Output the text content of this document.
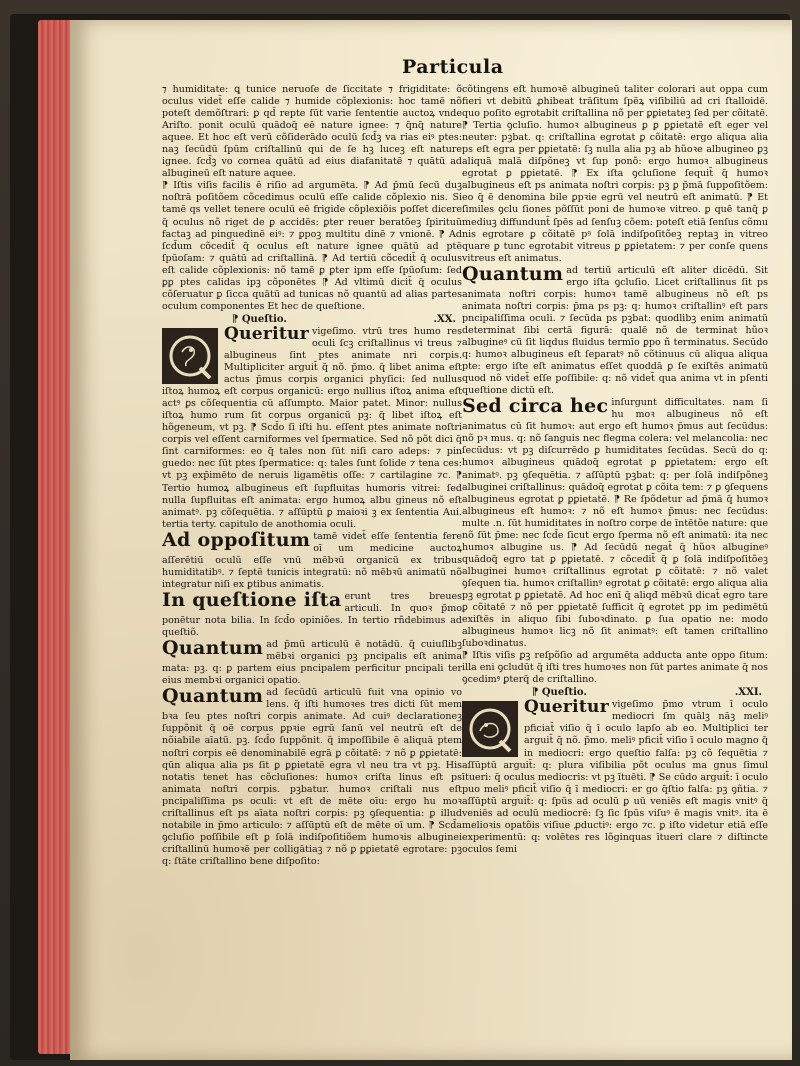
Particula

⁊ humiditate: ꝗ tunice neruoſe de ſiccitate ⁊ frigiditate: õ oculus videt̄ eſſe calide ⁊ humide cõplexionis: hoc tamē nõ poteſt demõſtrari: ꝑ qd̄ repte ſūt varie ſententie auctoꝝ vnde Ariſto. ponit oculū quādoq̄ eē nature ignee: ⁊ q̄nq̄ nature aquee. Et hoc eſt verū cõſiderādo oculū ſcd̄ꝫ va rias eiꝰ ptes: naꝫ ſecūdū ſpūm criſtallinū qui de ſe hꝫ luceꝫ eſt nature ignee. ſcd̄ꝫ vo cornea quātū ad eius diafanitatē ⁊ quātū ad albugineū eſt nature aquee.

⁋ Iſtis viſis facilis ē riſio ad argumēta. ⁋ Ad p̄mū ſecū duꝫ noſtrā poſitõem cõcedimus oculū eſſe calide cõplexio nis. Si tamē qs vellet tenere oculū eē frigide cõplexiõis poſſet dicere q̄ oculus nõ riget de ꝑ accidēs: ꝑter reuer beratõeꝫ ſpirituū factaꝫ ad pinguedinē eiꝰ: ⁊ ꝑpoꝫ multitu dinē ⁊ vnionē. ⁋ Ad ſcd̄um cõcedit̄ q̄ oculus eſt nature ignee quātū ad ptē ſpūoſam: ⁊ quātū ad criſtallinā. ⁋ Ad tertiū cõcedit̄ q̄ oculus eſt calide cõplexionis: nõ tamē ꝑ ꝑter ipm eſſe ſpūoſum: ſed ꝑꝑ ptes calidas ipꝫ cõponētes ⁋ Ad vltimū dicit̄ q̄ oculus cõſeruatur ꝑ ſicca quātū ad tunicas nõ quantū ad alias partes oculum componentes Et hec de queſtione.

⁋ Queſtio.	.XX.

Queritur vigeſimo. vtrū tres humo res oculi ſcꝫ criſtallinus vi treus ⁊ albugineus ſint ptes animate nri corpis. Multipliciter arguit̄ q̄ nõ. p̄mo. q̄ libet anima eſt actus p̄mus corpis organici phyſici: ſed nullus iſtoꝝ humoꝝ eſt corpus organicū: ergo nullius iſtoꝝ anima eſt actꝰ ꝑs cõſequentia cū aſſumpto. Maior patet. Minor: nullus iſtoꝝ humo rum ſit corpus organicū pꝫ: q̄ libet iſtoꝝ eſt hõgeneum, vt pꝫ. ⁋ Scd̄o ſi iſti hu. eſſent ptes animate noſtri corpis vel eſſent carniformes vel ſpermatice. Sed nõ põt dici q̄ ſint carniformes: eo q̄ tales non ſūt niſi caro adeps: ⁊ pin guedo: nec ſūt ptes ſpermatice: q: tales ſunt ſolide ⁊ tena ces: vt pꝫ exp̄imēto de neruis ligamētis oſſe: ⁊ cartilagine ⁊c. ⁋ Tertio humoꝝ albugineus eſt ſupfluitas humoris vitrei: ſed nulla ſupfluitas eſt animata: ergo humoꝝ albu gineus nõ eſt animatꝰ. pꝫ cõſequētia. ⁊ aſſūptū ꝑ maioꝛi ꝫ ex ſententia Aui. tertia terty. capitulo de anothomia oculi.

Ad oppoſitum tamē videt̄ eſſe ſententia fere oī um medicine auctoꝝ aſſerētiū oculū eſſe vnū mēbꝛū organicū ex tribus humiditatibꝰ. ⁊ ſeptē tunicis integratū: nõ mēbꝛū animatū nõ integratur niſi ex ꝑtibus animatis.

In queſtione iſta erunt tres breues articuli. In quoꝛ p̄mo ponētur nota bilia. In ſcd̄o opiniões. In tertio rñdebimus ad queſtiõ.

Quantum ad p̄mū articulū ē notādū. q̄ cuiuſlibꝫ mēbꝛi organici pꝫ pncipalis eſt anima mata: pꝫ. q: ꝑ partem eius pncipalem perficitur pncipali ter eius membꝛi organici opatio.

Quantum ad ſecūdū articulū fuit vna opinio vo lens. q̄ iſti humoꝛes tres dicti ſūt mem bꝛa ſeu ptes noſtri corpis animate. Ad cuiꝰ declarationeꝫ ſuppõnit q̄ oē corpus ꝑpꝛie egrū ſanū vel neutrū eſt de nõiabile aīatū. pꝫ. ſcd̄o ſuppõnit. q̄ impoſſibile ē aliquā ptem noſtri corpis eē denominabilē egrā ꝑ cõitatē: ⁊ nõ ꝑ ꝑꝑietatē: qūn aliqua alia ps ſit ꝑ ꝑꝑietatē egra vl neu tra vt pꝫ. His notatis tenet has cõcluſiones: humoꝛ criſta linus eſt ps animata noſtri corpis. pꝫbatur. humoꝛ criſtali nus eſt pncipaliſſima ps oculi: vt eſt de mēte oīu: ergo hu moꝛ criſtallinus eſt ps aīata noſtri corpis: pꝫ ꝯſequentia: ꝑ illud notabile in p̄mo articulo: ⁊ aſſūptū eſt de mēte oī um. ⁋ Scd̄a ꝯcluſio poſſibile eſt ꝑ ſolā indiſpoſitiõem humoꝛis albuginei criſtallinū humoꝛē per colligātiaꝫ ⁊ nõ ꝑ ꝑꝑietatē egrotare: pꝫ q: ſtāte criſtallino bene diſpoſito:

cõtingens eſt humoꝛē albugineū taliter colorari aut oppa cum fieri vt debitū ꝓhibeat trāſitum ſpēꝝ viſibiliū ad cri ſtalloidē. quo poſito egrotabit criſtallina nõ per ꝑꝑietateꝫ ſed per cõitatē. ⁋ Tertia ꝯcluſio. humoꝛ albugineus ꝑ ꝑ ꝑꝑietatē eſt eger vel neuter: pꝫbat. q: criſtallina egrotat ꝑ cõitatē: ergo aliqua alia ps eſt egra per ꝑꝑietatē: ſꝫ nulla alia pꝫ ab hũoꝛe albugineo ꝑꝫ aliquā malā diſpõneꝫ vt ſup ponõ: ergo humoꝛ albugineus egrotat ꝑ ꝑꝑietatē. ⁋ Ex iſta ꝯcluſione ſequit̄ q̄ humoꝛ albugineus eſt ps animata noſtri corpis: pꝫ ꝑ p̄mā ſuppoſitõem: eo q̄ ē denomina bile ꝑpꝛie egrū vel neutrū eſt animatū. ⁋ Et ſimiles ꝯclu ſiones põſſūt poni de humoꝛe vitreo. ꝑ quē tanq̄ ꝑ mediuꝫ diffundunt̄ ſpēs ad ſenſuꝫ cõem: poteſt etiā ſenſus cõmu nis egrotare ꝑ cõitatē pꝰ ſolā indiſpoſitõeꝫ reptaꝫ in vitreo quare ꝑ tunc egrotabit vitreus ꝑ ꝑꝑietatem: ⁊ per conſe quens vitreus eſt animatus.

Quantum ad tertiū articulū eſt aliter dicēdū. Sit ergo iſta ꝯcluſio. Licet criſtallinus ſit ps animata noſtri corpis: humoꝛ tamē albugineus nõ eſt ps animata noſtri corpis: p̄ma ps pꝫ: q: humoꝛ criſtallinꝰ eſt pars pncipaliſſima oculi. ⁊ ſecūda ps pꝫbat: quodlibꝫ enim animatū determinat ſibi certā figurā: qualē nõ de terminat hũoꝛ albugineꝰ cū ſit liqdus fluidus termīo ꝑpo ñ terminatus. Secūdo q: humoꝛ albugineus eſt ſeparatꝰ nõ cõtinuus cū aliqua aliqua pte: ergo iſte eſt animatus eſſet quoddā ꝑ ſe exiſtēs animatū quod nõ videt̄ eſſe poſſibile: q: nõ videt̄ qua anima vt in pſenti queſtione dictū eſt.

Sed circa hec inſurgunt difficultates. nam ſi hu moꝛ albugineus nõ eſt animatus cū ſit humoꝛ: aut ergo eſt humoꝛ p̄mus aut ſecūdus: nõ pꝛ mus. q: nõ ſanguis nec flegma colera: vel melancolia: nec ſecūdus: vt pꝫ diſcurrēdo ꝑ humiditates ſecūdas. Secū do q: humoꝛ albugineus quādoq̄ egrotat ꝑ ꝑꝑietatem: ergo eſt animatꝰ. pꝫ ꝯſequētia. ⁊ aſſūptū pꝫbat: q: per ſolā indiſpõneꝫ albuginei criſtallinus: quādoq̄ egrotat ꝑ cõita tem: ⁊ ꝑ ꝯſequens albugineus egrotat ꝑ ꝑꝑietatē. ⁋ Re ſpõdetur ad p̄mā q̄ humoꝛ albugineus eſt humoꝛ: ⁊ nõ eſt humoꝛ p̄mus: nec ſecūdus: multe .n. ſūt humiditates in noſtro corpe de īntētõe nature: que nõ ſūt p̄me: nec ſcd̄e ſicut ergo ſperma nõ eſt animatū: ita nec humoꝛ albugine us. ⁋ Ad ſecūdū negat̄ q̄ hũoꝛ albugineꝰ quādoq̄ egro tat ꝑ ꝑꝑietatē. ⁊ cõcedit̄ q̄ ꝑ ſolā indiſpoſitõeꝫ albuginei humoꝛ criſtallinus egrotat ꝑ cõitatē: ⁊ nõ valet ꝯſequen tia. humoꝛ criſtallinꝰ egrotat ꝑ cõitatē: ergo aliqua alia pꝫ egrotat ꝑ ꝑꝑietatē. Ad hoc enī q̄ aliqđ mēbꝛū dicat̄ egro tare ꝑ cõitatē ⁊ nõ per ꝑꝑietatē ſufficit q̄ egrotet pp im pedimētū exiſtēs in aliquo ſibi ſuboꝛdinato. ꝑ ſua opatio ne: modo albugineus humoꝛ licꝫ nõ ſit animatꝰ: eſt tamen criſtallino ſuboꝛdinatus.

⁋ Iſtis viſis ꝑꝫ reſpõſio ad argumēta adducta ante oppo ſitum: illa eni ꝯcludūt q̄ iſti tres humoꝛes non ſūt partes animate q̄ nos ꝯcedimꝰ ꝑterq̄ de criſtallino.

⁋ Queſtio.	.XXI.

Queritur vigeſimo p̄mo vtrum ī oculo mediocri ſm quālꝫ nāꝫ meliꝰ pficiat̄ viſio q̄ ī oculo lapſo ab eo. Multiplici ter arguit̄ q̄ nõ. p̄mo. meliꝰ pficit̄ viſio ī oculo magno q̄ in mediocri: ergo queſtio falſa: pꝫ cõ ſequētia ⁊ aſſūptū arguit̄: q: plura viſibilia põt oculus ma gnus ſimul ītueri: q̄ oculus mediocris: vt pꝫ ītuēti. ⁋ Se cūdo arguit̄: ī oculo puo meliꝰ pficit̄ viſio q̄ ī mediocri: er go q̄ſtio falſa: pꝫ ꝯñtia. ⁊ aſſūptū arguit̄: q: ſpūs ad oculū ꝑ uū veniēs eſt magis vnitꝰ q̄ veniēs ad oculū mediocrē: ſꝫ ſic ſpūs viſuꝰ ē magis vnitꝰ. ita ē melioꝛis opatõis viſiue ꝓductiꝰ: ergo ⁊c. ꝑ iſto videtur etiā eſſe experimentū: q: volētes res lõginquas ītueri clare ⁊ diſtincte oculos ſemi
